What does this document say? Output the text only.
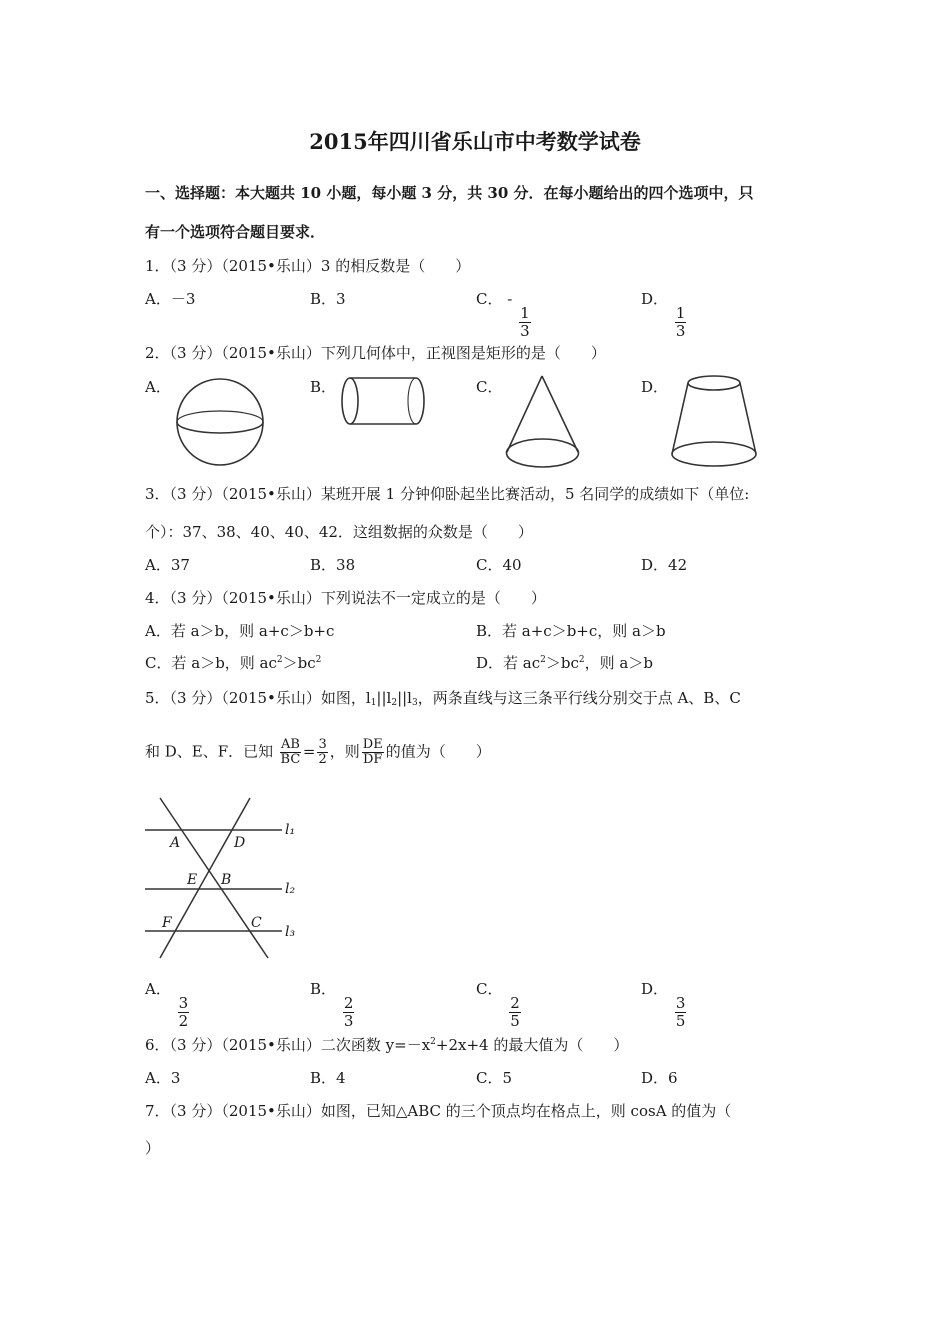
2015年四川省乐山市中考数学试卷
一、选择题：本大题共 10 小题，每小题 3 分，共 30 分．在每小题给出的四个选项中，只
有一个选项符合题目要求．
1．（3 分）（2015•乐山）3 的相反数是（　　）
A．－3	B．3	C． -
$\frac{1}{3}$
D．
$\frac{1}{3}$
2．（3 分）（2015•乐山）下列几何体中，正视图是矩形的是（　　）
A．	B．	C．	D．
3．（3 分）（2015•乐山）某班开展 1 分钟仰卧起坐比赛活动，5 名同学的成绩如下（单位:
个）：37、38、40、40、42．这组数据的众数是（　　）
A．37	B．38	C．40	D．42
4．（3 分）（2015•乐山）下列说法不一定成立的是（　　）
A．若 a＞b，则 a+c＞b+c	B．若 a+c＞b+c，则 a＞b
C．若 a＞b，则 $ac^2>bc^2$	D．若 $ac^2>bc^2$，则 a＞b
5．（3 分）（2015•乐山）如图，$l_1||l_2||l_3$，两条直线与这三条平行线分别交于点 A、B、C
和 D、E、F．已知 $\frac{AB}{BC} = \frac{3}{2}$ ，则 $\frac{DE}{DF}$ 的值为（　　）
A	D
E B
F	C
l₁
l₂
l₃
A．
$\frac{3}{2}$
B．
$\frac{2}{3}$
C．
$\frac{2}{5}$
D．
$\frac{3}{5}$
6．（3 分）（2015•乐山）二次函数 $y=-x^2+2x+4$ 的最大值为（　　）
A．3	B．4	C．5	D．6
7．（3 分）（2015•乐山）如图，已知△ABC 的三个顶点均在格点上，则 cosA 的值为（
）
